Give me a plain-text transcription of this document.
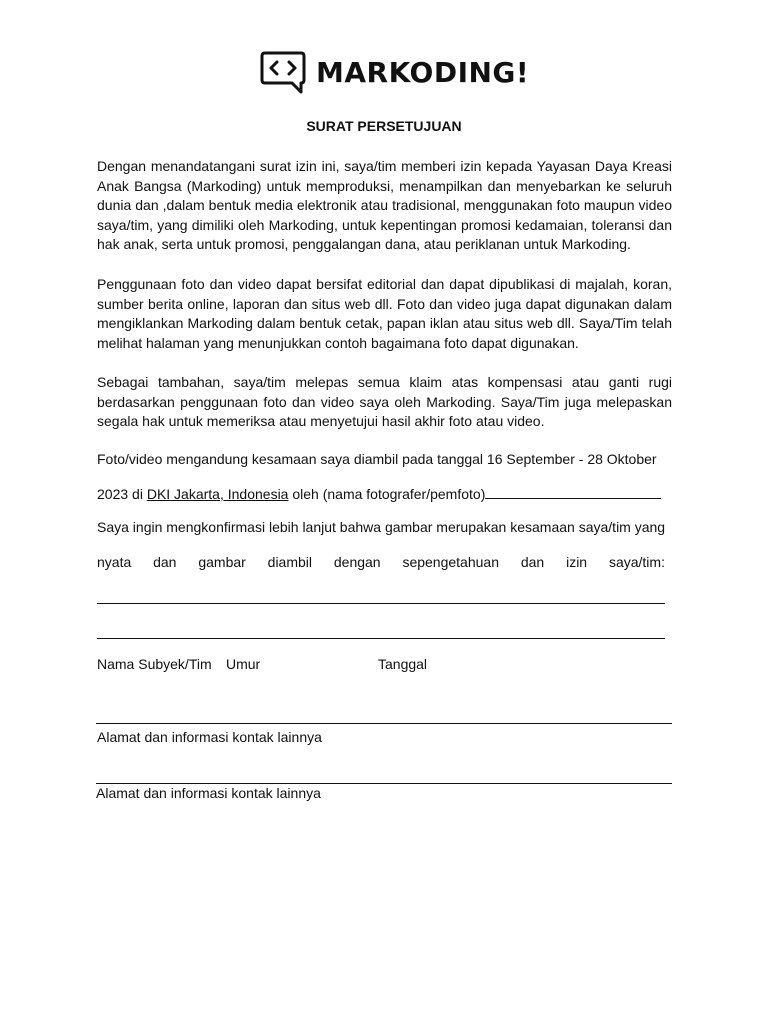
MARKODING!
SURAT PERSETUJUAN

Dengan menandatangani surat izin ini, saya/tim memberi izin kepada Yayasan Daya Kreasi Anak Bangsa (Markoding) untuk memproduksi, menampilkan dan menyebarkan ke seluruh dunia dan ,dalam bentuk media elektronik atau tradisional, menggunakan foto maupun video saya/tim, yang dimiliki oleh Markoding, untuk kepentingan promosi kedamaian, toleransi dan hak anak, serta untuk promosi, penggalangan dana, atau periklanan untuk Markoding.

Penggunaan foto dan video dapat bersifat editorial dan dapat dipublikasi di majalah, koran, sumber berita online, laporan dan situs web dll. Foto dan video juga dapat digunakan dalam mengiklankan Markoding dalam bentuk cetak, papan iklan atau situs web dll. Saya/Tim telah melihat halaman yang menunjukkan contoh bagaimana foto dapat digunakan.

Sebagai tambahan, saya/tim melepas semua klaim atas kompensasi atau ganti rugi berdasarkan penggunaan foto dan video saya oleh Markoding. Saya/Tim juga melepaskan segala hak untuk memeriksa atau menyetujui hasil akhir foto atau video.

Foto/video mengandung kesamaan saya diambil pada tanggal 16 September - 28 Oktober
2023 di DKI Jakarta, Indonesia oleh (nama fotografer/pemfoto)
Saya ingin mengkonfirmasi lebih lanjut bahwa gambar merupakan kesamaan saya/tim yang
nyata dan gambar diambil dengan sepengetahuan dan izin saya/tim:
Nama Subyek/Tim Umur	Tanggal
Alamat dan informasi kontak lainnya
Alamat dan informasi kontak lainnya
